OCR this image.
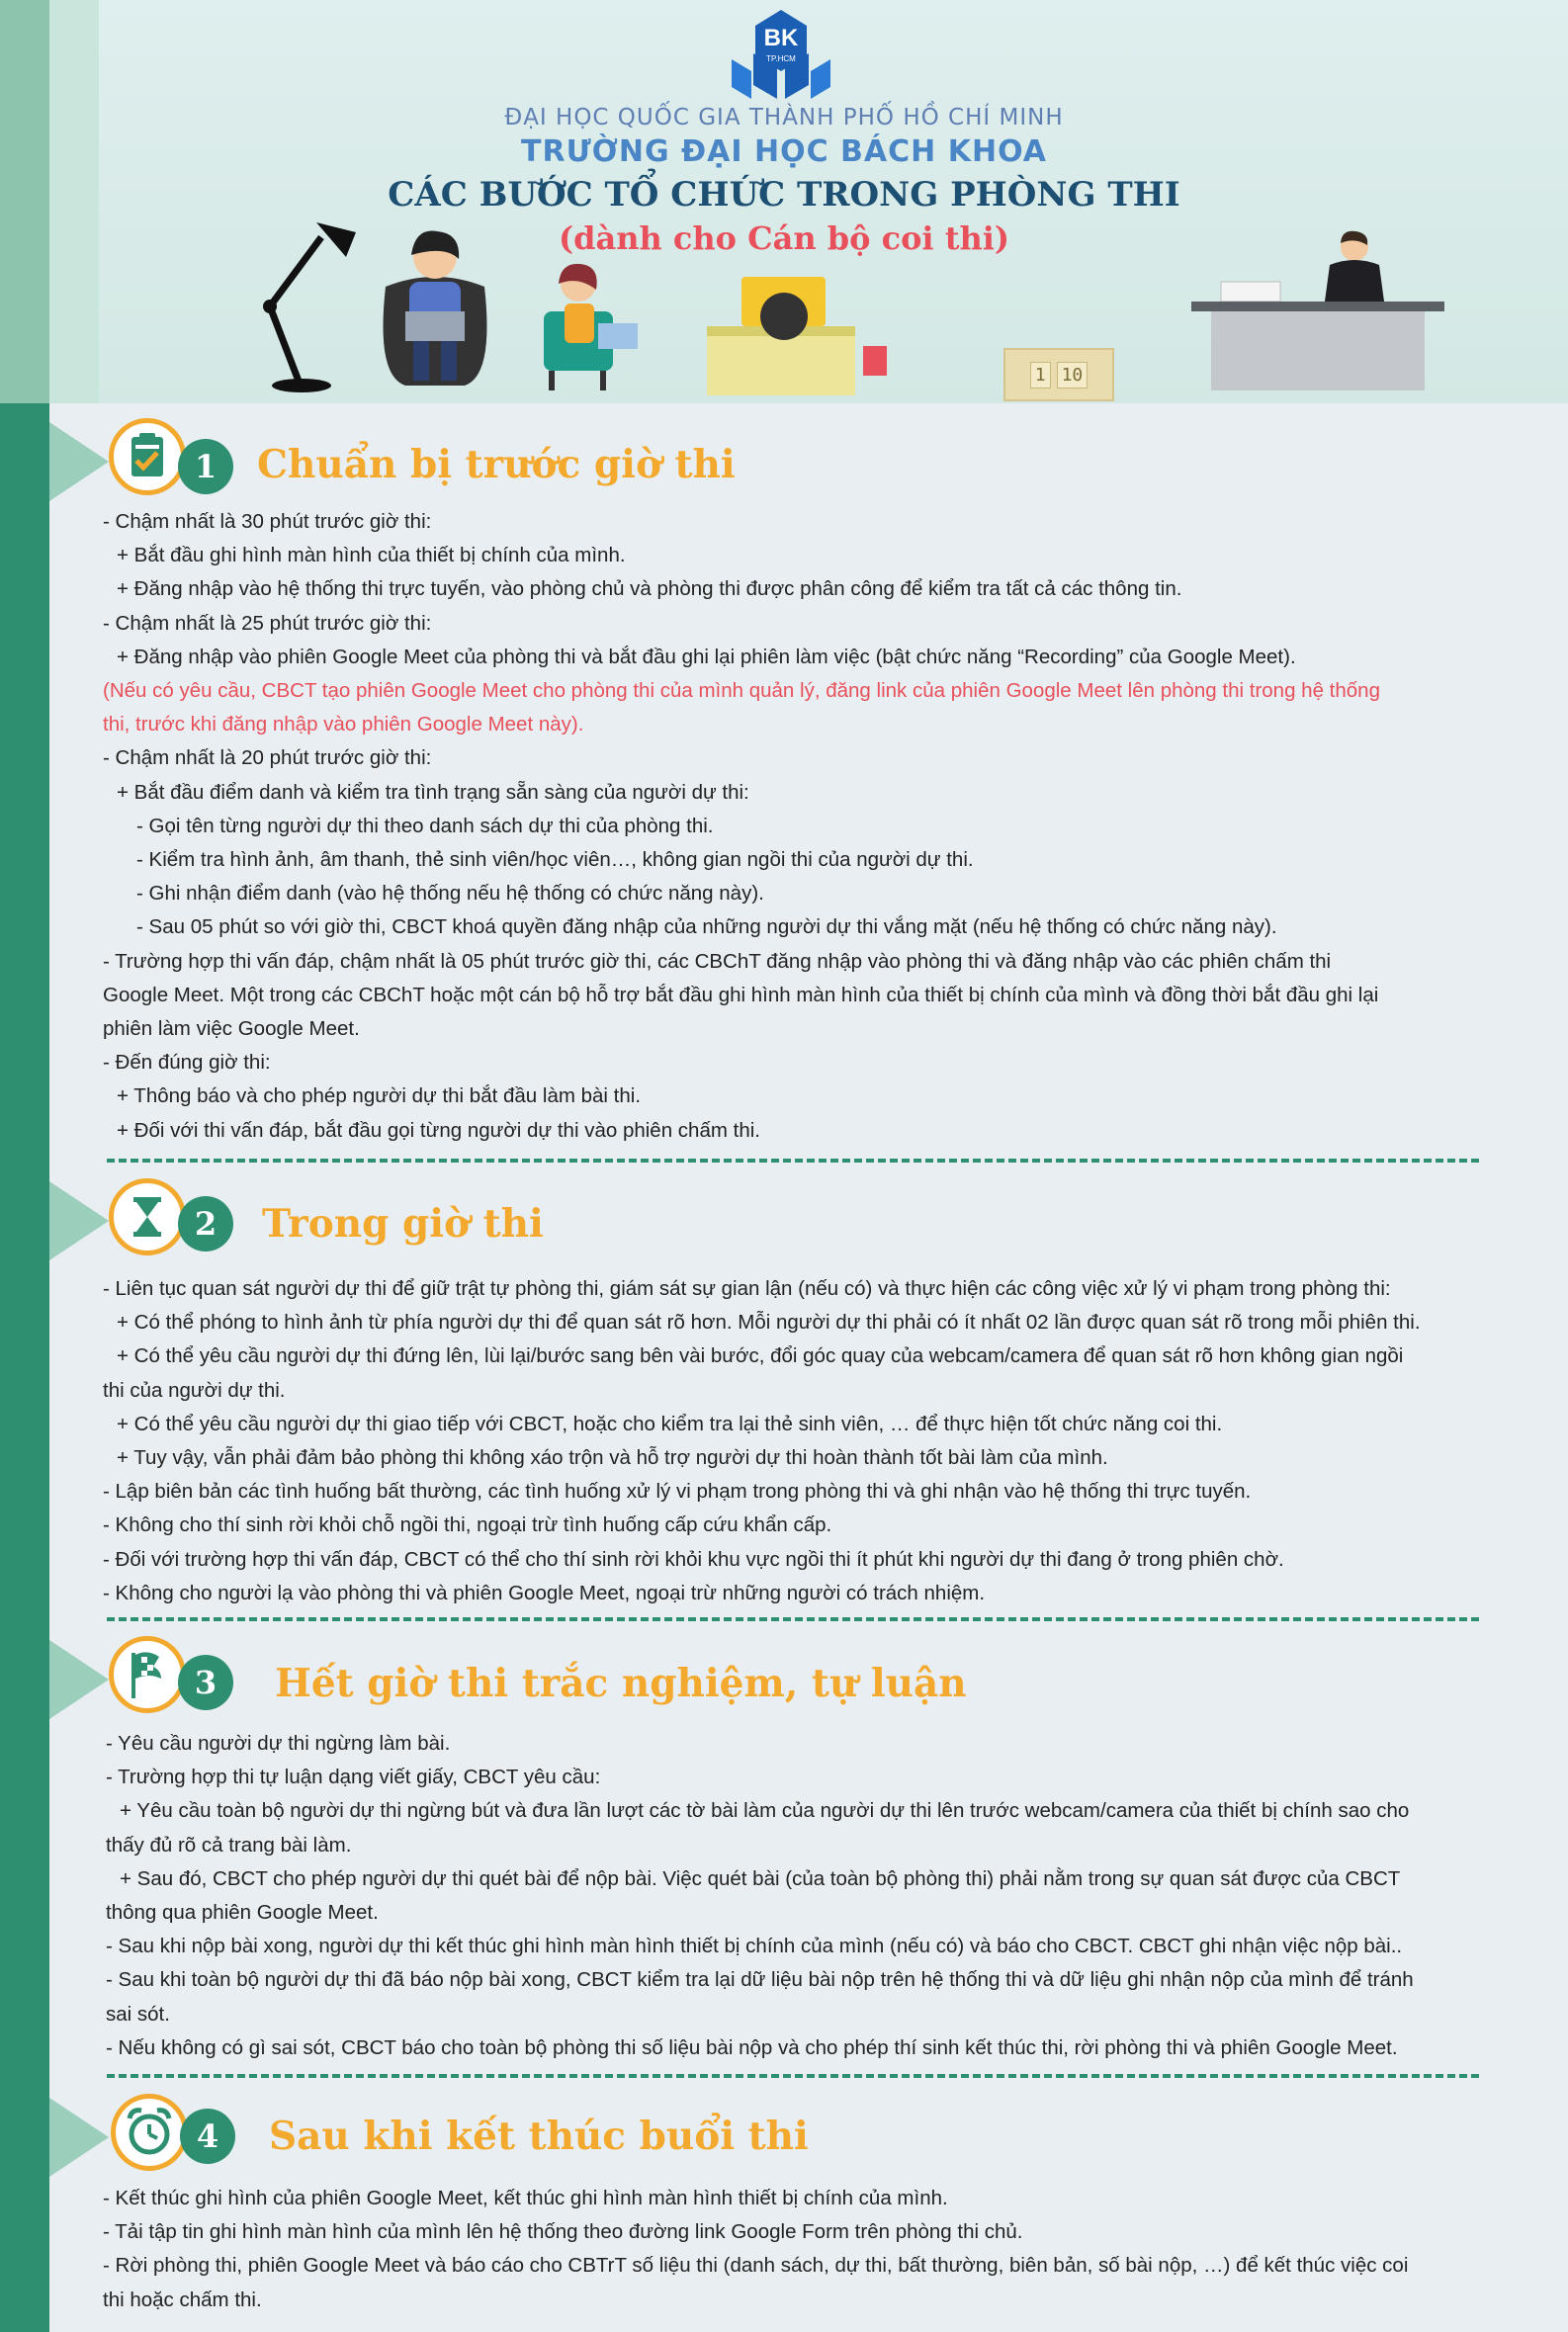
BK
TP.HCM
ĐẠI HỌC QUỐC GIA THÀNH PHỐ HỒ CHÍ MINH
TRƯỜNG ĐẠI HỌC BÁCH KHOA
CÁC BƯỚC TỔ CHỨC TRONG PHÒNG THI
(dành cho Cán bộ coi thi)
1 10
1	Chuẩn bị trước giờ thi

- Chậm nhất là 30 phút trước giờ thi:

+ Bắt đầu ghi hình màn hình của thiết bị chính của mình.

+ Đăng nhập vào hệ thống thi trực tuyến, vào phòng chủ và phòng thi được phân công để kiểm tra tất cả các thông tin.

- Chậm nhất là 25 phút trước giờ thi:

+ Đăng nhập vào phiên Google Meet của phòng thi và bắt đầu ghi lại phiên làm việc (bật chức năng “Recording” của Google Meet).

(Nếu có yêu cầu, CBCT tạo phiên Google Meet cho phòng thi của mình quản lý, đăng link của phiên Google Meet lên phòng thi trong hệ thống

thi, trước khi đăng nhập vào phiên Google Meet này).

- Chậm nhất là 20 phút trước giờ thi:

+ Bắt đầu điểm danh và kiểm tra tình trạng sẵn sàng của người dự thi:

- Gọi tên từng người dự thi theo danh sách dự thi của phòng thi.

- Kiểm tra hình ảnh, âm thanh, thẻ sinh viên/học viên…, không gian ngồi thi của người dự thi.

- Ghi nhận điểm danh (vào hệ thống nếu hệ thống có chức năng này).

- Sau 05 phút so với giờ thi, CBCT khoá quyền đăng nhập của những người dự thi vắng mặt (nếu hệ thống có chức năng này).

- Trường hợp thi vấn đáp, chậm nhất là 05 phút trước giờ thi, các CBChT đăng nhập vào phòng thi và đăng nhập vào các phiên chấm thi

Google Meet. Một trong các CBChT hoặc một cán bộ hỗ trợ bắt đầu ghi hình màn hình của thiết bị chính của mình và đồng thời bắt đầu ghi lại

phiên làm việc Google Meet.

- Đến đúng giờ thi:

+ Thông báo và cho phép người dự thi bắt đầu làm bài thi.

+ Đối với thi vấn đáp, bắt đầu gọi từng người dự thi vào phiên chấm thi.

2	Trong giờ thi

- Liên tục quan sát người dự thi để giữ trật tự phòng thi, giám sát sự gian lận (nếu có) và thực hiện các công việc xử lý vi phạm trong phòng thi:

+ Có thể phóng to hình ảnh từ phía người dự thi để quan sát rõ hơn. Mỗi người dự thi phải có ít nhất 02 lần được quan sát rõ trong mỗi phiên thi.

+ Có thể yêu cầu người dự thi đứng lên, lùi lại/bước sang bên vài bước, đổi góc quay của webcam/camera để quan sát rõ hơn không gian ngồi

thi của người dự thi.

+ Có thể yêu cầu người dự thi giao tiếp với CBCT, hoặc cho kiểm tra lại thẻ sinh viên, … để thực hiện tốt chức năng coi thi.

+ Tuy vậy, vẫn phải đảm bảo phòng thi không xáo trộn và hỗ trợ người dự thi hoàn thành tốt bài làm của mình.

- Lập biên bản các tình huống bất thường, các tình huống xử lý vi phạm trong phòng thi và ghi nhận vào hệ thống thi trực tuyến.

- Không cho thí sinh rời khỏi chỗ ngồi thi, ngoại trừ tình huống cấp cứu khẩn cấp.

- Đối với trường hợp thi vấn đáp, CBCT có thể cho thí sinh rời khỏi khu vực ngồi thi ít phút khi người dự thi đang ở trong phiên chờ.

- Không cho người lạ vào phòng thi và phiên Google Meet, ngoại trừ những người có trách nhiệm.

3	Hết giờ thi trắc nghiệm, tự luận

- Yêu cầu người dự thi ngừng làm bài.

- Trường hợp thi tự luận dạng viết giấy, CBCT yêu cầu:

+ Yêu cầu toàn bộ người dự thi ngừng bút và đưa lần lượt các tờ bài làm của người dự thi lên trước webcam/camera của thiết bị chính sao cho

thấy đủ rõ cả trang bài làm.

+ Sau đó, CBCT cho phép người dự thi quét bài để nộp bài. Việc quét bài (của toàn bộ phòng thi) phải nằm trong sự quan sát được của CBCT

thông qua phiên Google Meet.

- Sau khi nộp bài xong, người dự thi kết thúc ghi hình màn hình thiết bị chính của mình (nếu có) và báo cho CBCT. CBCT ghi nhận việc nộp bài..

- Sau khi toàn bộ người dự thi đã báo nộp bài xong, CBCT kiểm tra lại dữ liệu bài nộp trên hệ thống thi và dữ liệu ghi nhận nộp của mình để tránh

sai sót.

- Nếu không có gì sai sót, CBCT báo cho toàn bộ phòng thi số liệu bài nộp và cho phép thí sinh kết thúc thi, rời phòng thi và phiên Google Meet.

4	Sau khi kết thúc buổi thi

- Kết thúc ghi hình của phiên Google Meet, kết thúc ghi hình màn hình thiết bị chính của mình.

- Tải tập tin ghi hình màn hình của mình lên hệ thống theo đường link Google Form trên phòng thi chủ.

- Rời phòng thi, phiên Google Meet và báo cáo cho CBTrT số liệu thi (danh sách, dự thi, bất thường, biên bản, số bài nộp, …) để kết thúc việc coi

thi hoặc chấm thi.
